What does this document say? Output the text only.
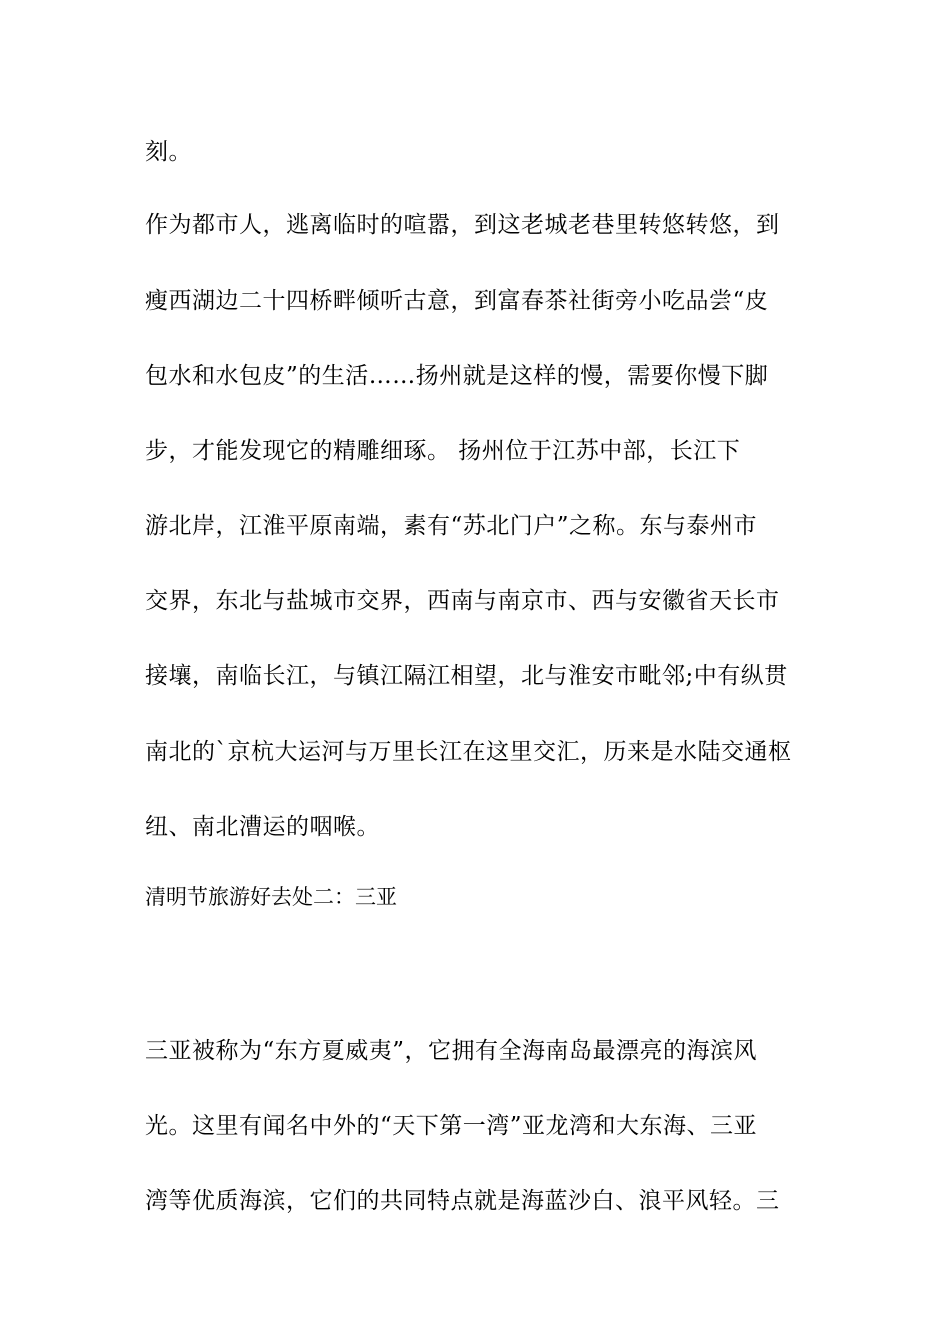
刻。
作为都市人，逃离临时的喧嚣，到这老城老巷里转悠转悠，到
瘦西湖边二十四桥畔倾听古意，到富春茶社街旁小吃品尝“皮
包水和水包皮”的生活……扬州就是这样的慢，需要你慢下脚
步，才能发现它的精雕细琢。 扬州位于江苏中部，长江下
游北岸，江淮平原南端，素有“苏北门户”之称。东与泰州市
交界，东北与盐城市交界，西南与南京市、西与安徽省天长市
接壤，南临长江，与镇江隔江相望，北与淮安市毗邻;中有纵贯
南北的`京杭大运河与万里长江在这里交汇，历来是水陆交通枢
纽、南北漕运的咽喉。
清明节旅游好去处二：三亚
三亚被称为“东方夏威夷”，它拥有全海南岛最漂亮的海滨风
光。这里有闻名中外的“天下第一湾”亚龙湾和大东海、三亚
湾等优质海滨，它们的共同特点就是海蓝沙白、浪平风轻。三
